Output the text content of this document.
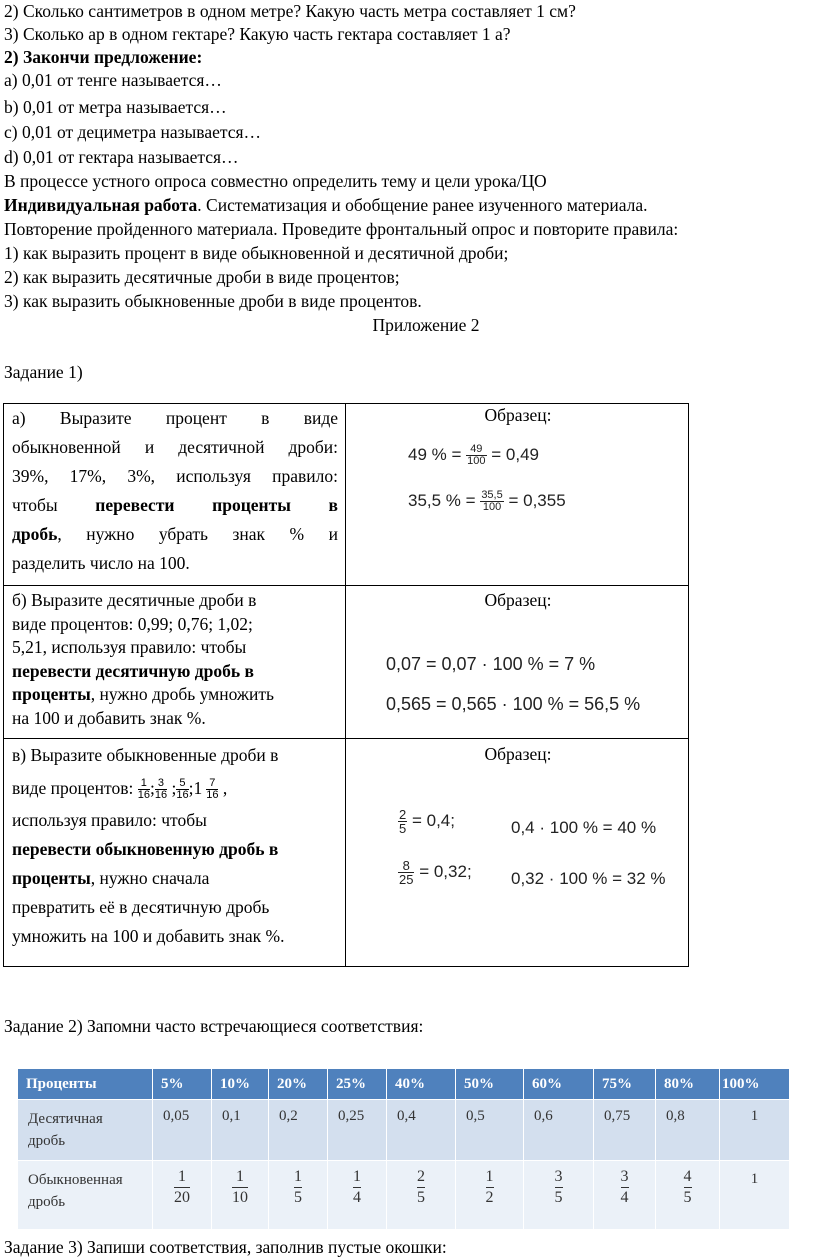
2) Сколько сантиметров в одном метре? Какую часть метра составляет 1 см?
3) Сколько ар в одном гектаре? Какую часть гектара составляет 1 а?
2) Закончи предложение:
a) 0,01 от тенге называется…
b) 0,01 от метра называется…
c) 0,01 от дециметра называется…
d) 0,01 от гектара называется…
В процессе устного опроса совместно определить тему и цели урока/ЦО
Индивидуальная работа. Систематизация и обобщение ранее изученного материала.
Повторение пройденного материала. Проведите фронтальный опрос и повторите правила:
1) как выразить процент в виде обыкновенной и десятичной дроби;
2) как выразить десятичные дроби в виде процентов;
3) как выразить обыкновенные дроби в виде процентов.
Приложение 2
Задание 1)

а) Выразите процент в виде

обыкновенной и десятичной дроби:

39%, 17%, 3%, используя правило:

чтобы перевести проценты в

дробь, нужно убрать знак % и

разделить число на 100.

Образец:
49 % = $\frac{49}{100} = 0,49$
35,5 % = $\frac{35,5}{100} = 0,355$
б) Выразите десятичные дроби в
виде процентов: 0,99; 0,76; 1,02;
5,21, используя правило: чтобы
перевести десятичную дробь в
проценты, нужно дробь умножить
на 100 и добавить знак %.
Образец:
0,07 = 0,07 · 100 % = 7 %
0,565 = 0,565 · 100 % = 56,5 %
в) Выразите обыкновенные дроби в
виде процентов: $\frac{1}{16}$ ; $\frac{3}{16}$ ; $\frac{5}{16}$ ;1 $\frac{7}{16}$ ,
используя правило: чтобы
перевести обыкновенную дробь в
проценты, нужно сначала
превратить её в десятичную дробь
умножить на 100 и добавить знак %.
Образец:
$\frac{2}{5} = 0,4$;	0,4 · 100 % = 40 %
$\frac{8}{25} = 0,32$; 0,32 · 100 % = 32 %
Задание 2) Запомни часто встречающиеся соответствия:
Проценты	5%	10%	20%	25%	40%	50%	60%	75%	80%	100%
Десятичная
дробь	0,05	0,1	0,2	0,25	0,4	0,5	0,6	0,75	0,8	1
Обыкновенная
дробь	$\frac{1}{20}$	$\frac{1}{10}$	$\frac{1}{5}$	$\frac{1}{4}$	$\frac{2}{5}$	$\frac{1}{2}$	$\frac{3}{5}$	$\frac{3}{4}$	$\frac{4}{5}$	1
Задание 3) Запиши соответствия, заполнив пустые окошки:
